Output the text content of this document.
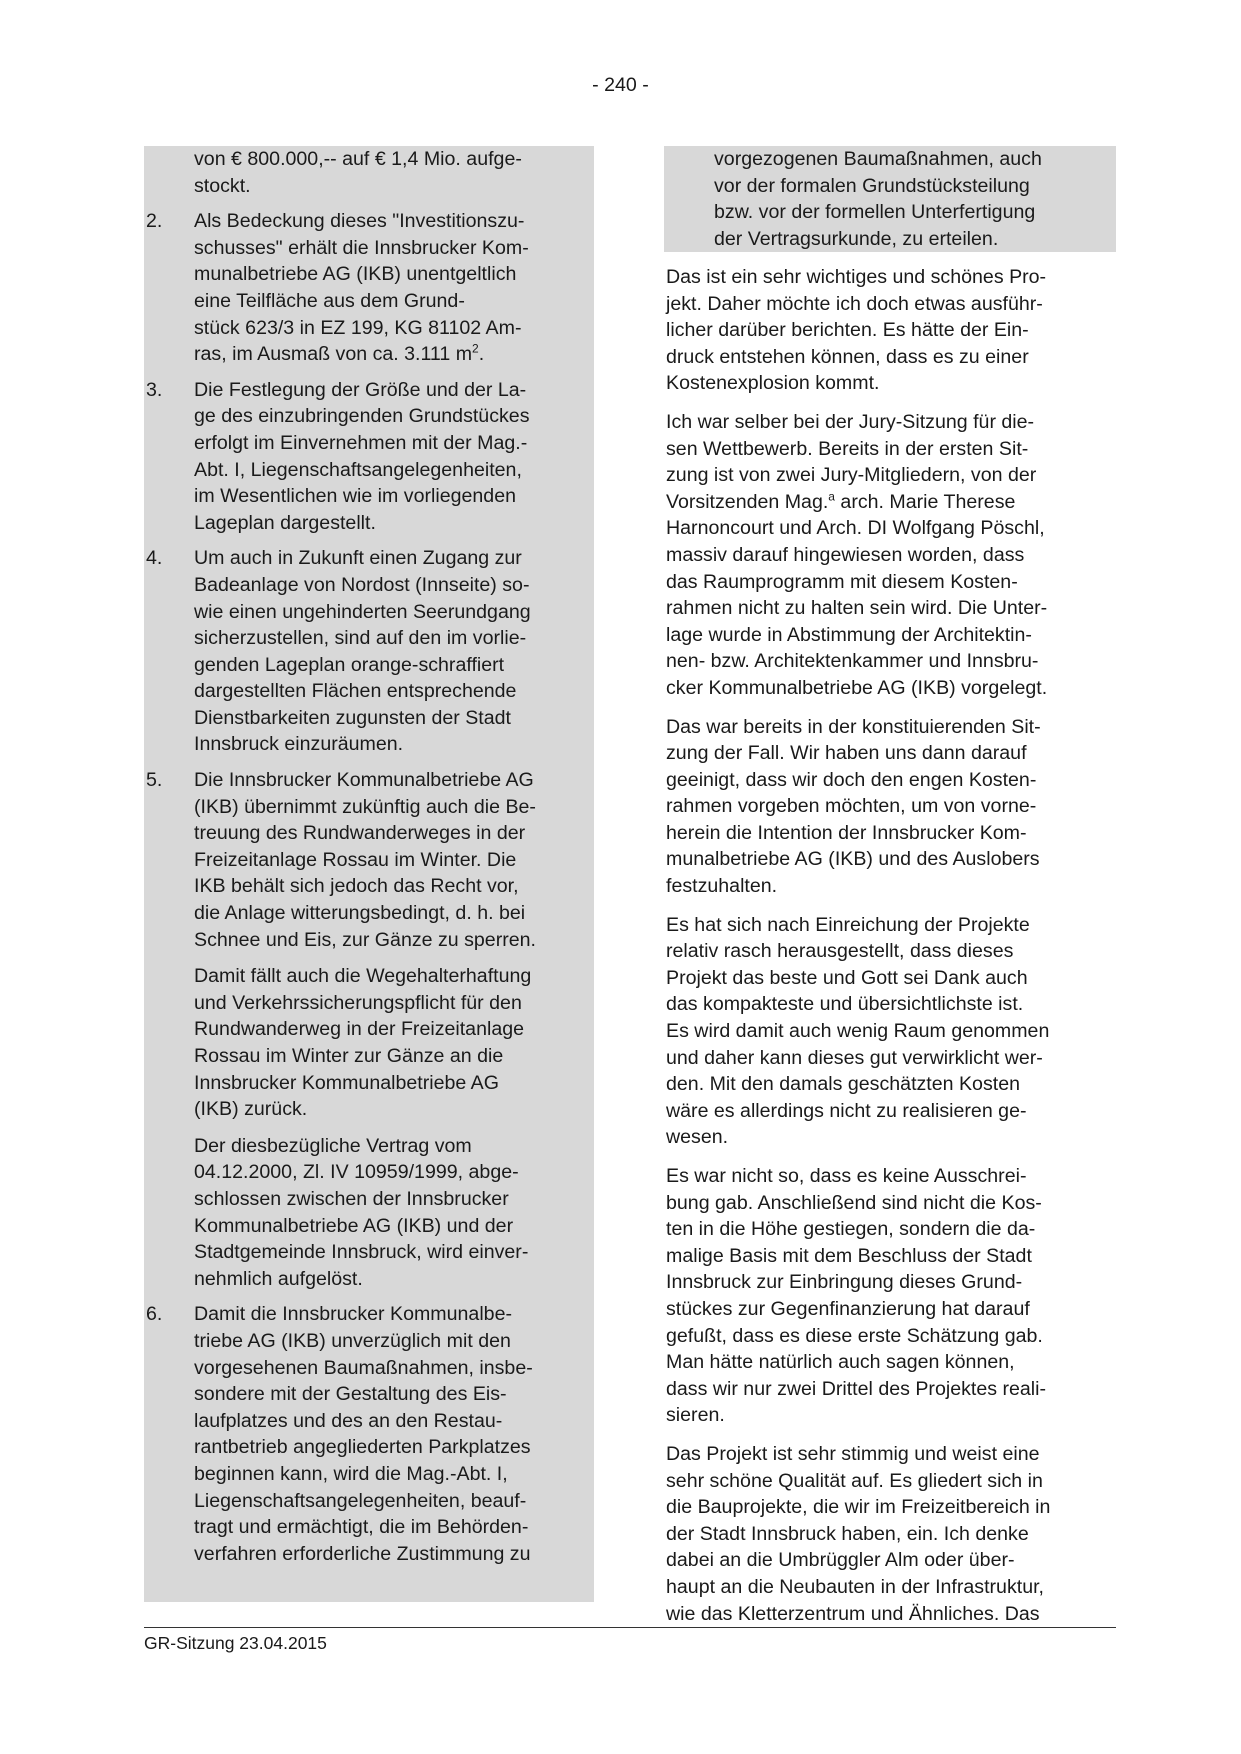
- 240 -
von € 800.000,-- auf € 1,4 Mio. aufge-
stockt.
2.	Als Bedeckung dieses "Investitionszu-
schusses" erhält die Innsbrucker Kom-
munalbetriebe AG (IKB) unentgeltlich
eine Teilfläche aus dem Grund-
stück 623/3 in EZ 199, KG 81102 Am-
ras, im Ausmaß von ca. 3.111 $m^2$.
3.	Die Festlegung der Größe und der La-
ge des einzubringenden Grundstückes
erfolgt im Einvernehmen mit der Mag.-
Abt. I, Liegenschaftsangelegenheiten,
im Wesentlichen wie im vorliegenden
Lageplan dargestellt.
4.	Um auch in Zukunft einen Zugang zur
Badeanlage von Nordost (Innseite) so-
wie einen ungehinderten Seerundgang
sicherzustellen, sind auf den im vorlie-
genden Lageplan orange-schraffiert
dargestellten Flächen entsprechende
Dienstbarkeiten zugunsten der Stadt
Innsbruck einzuräumen.
5.	Die Innsbrucker Kommunalbetriebe AG
(IKB) übernimmt zukünftig auch die Be-
treuung des Rundwanderweges in der
Freizeitanlage Rossau im Winter. Die
IKB behält sich jedoch das Recht vor,
die Anlage witterungsbedingt, d. h. bei
Schnee und Eis, zur Gänze zu sperren.
Damit fällt auch die Wegehalterhaftung
und Verkehrssicherungspflicht für den
Rundwanderweg in der Freizeitanlage
Rossau im Winter zur Gänze an die
Innsbrucker Kommunalbetriebe AG
(IKB) zurück.
Der diesbezügliche Vertrag vom
04.12.2000, Zl. IV 10959/1999, abge-
schlossen zwischen der Innsbrucker
Kommunalbetriebe AG (IKB) und der
Stadtgemeinde Innsbruck, wird einver-
nehmlich aufgelöst.
6.	Damit die Innsbrucker Kommunalbe-
triebe AG (IKB) unverzüglich mit den
vorgesehenen Baumaßnahmen, insbe-
sondere mit der Gestaltung des Eis-
laufplatzes und des an den Restau-
rantbetrieb angegliederten Parkplatzes
beginnen kann, wird die Mag.-Abt. I,
Liegenschaftsangelegenheiten, beauf-
tragt und ermächtigt, die im Behörden-
verfahren erforderliche Zustimmung zu
vorgezogenen Baumaßnahmen, auch
vor der formalen Grundstücksteilung
bzw. vor der formellen Unterfertigung
der Vertragsurkunde, zu erteilen.
Das ist ein sehr wichtiges und schönes Pro-
jekt. Daher möchte ich doch etwas ausführ-
licher darüber berichten. Es hätte der Ein-
druck entstehen können, dass es zu einer
Kostenexplosion kommt.
Ich war selber bei der Jury-Sitzung für die-
sen Wettbewerb. Bereits in der ersten Sit-
zung ist von zwei Jury-Mitgliedern, von der
Vorsitzenden Mag.$^a$ arch. Marie Therese
Harnoncourt und Arch. DI Wolfgang Pöschl,
massiv darauf hingewiesen worden, dass
das Raumprogramm mit diesem Kosten-
rahmen nicht zu halten sein wird. Die Unter-
lage wurde in Abstimmung der Architektin-
nen- bzw. Architektenkammer und Innsbru-
cker Kommunalbetriebe AG (IKB) vorgelegt.
Das war bereits in der konstituierenden Sit-
zung der Fall. Wir haben uns dann darauf
geeinigt, dass wir doch den engen Kosten-
rahmen vorgeben möchten, um von vorne-
herein die Intention der Innsbrucker Kom-
munalbetriebe AG (IKB) und des Auslobers
festzuhalten.
Es hat sich nach Einreichung der Projekte
relativ rasch herausgestellt, dass dieses
Projekt das beste und Gott sei Dank auch
das kompakteste und übersichtlichste ist.
Es wird damit auch wenig Raum genommen
und daher kann dieses gut verwirklicht wer-
den. Mit den damals geschätzten Kosten
wäre es allerdings nicht zu realisieren ge-
wesen.
Es war nicht so, dass es keine Ausschrei-
bung gab. Anschließend sind nicht die Kos-
ten in die Höhe gestiegen, sondern die da-
malige Basis mit dem Beschluss der Stadt
Innsbruck zur Einbringung dieses Grund-
stückes zur Gegenfinanzierung hat darauf
gefußt, dass es diese erste Schätzung gab.
Man hätte natürlich auch sagen können,
dass wir nur zwei Drittel des Projektes reali-
sieren.
Das Projekt ist sehr stimmig und weist eine
sehr schöne Qualität auf. Es gliedert sich in
die Bauprojekte, die wir im Freizeitbereich in
der Stadt Innsbruck haben, ein. Ich denke
dabei an die Umbrüggler Alm oder über-
haupt an die Neubauten in der Infrastruktur,
wie das Kletterzentrum und Ähnliches. Das
GR-Sitzung 23.04.2015
